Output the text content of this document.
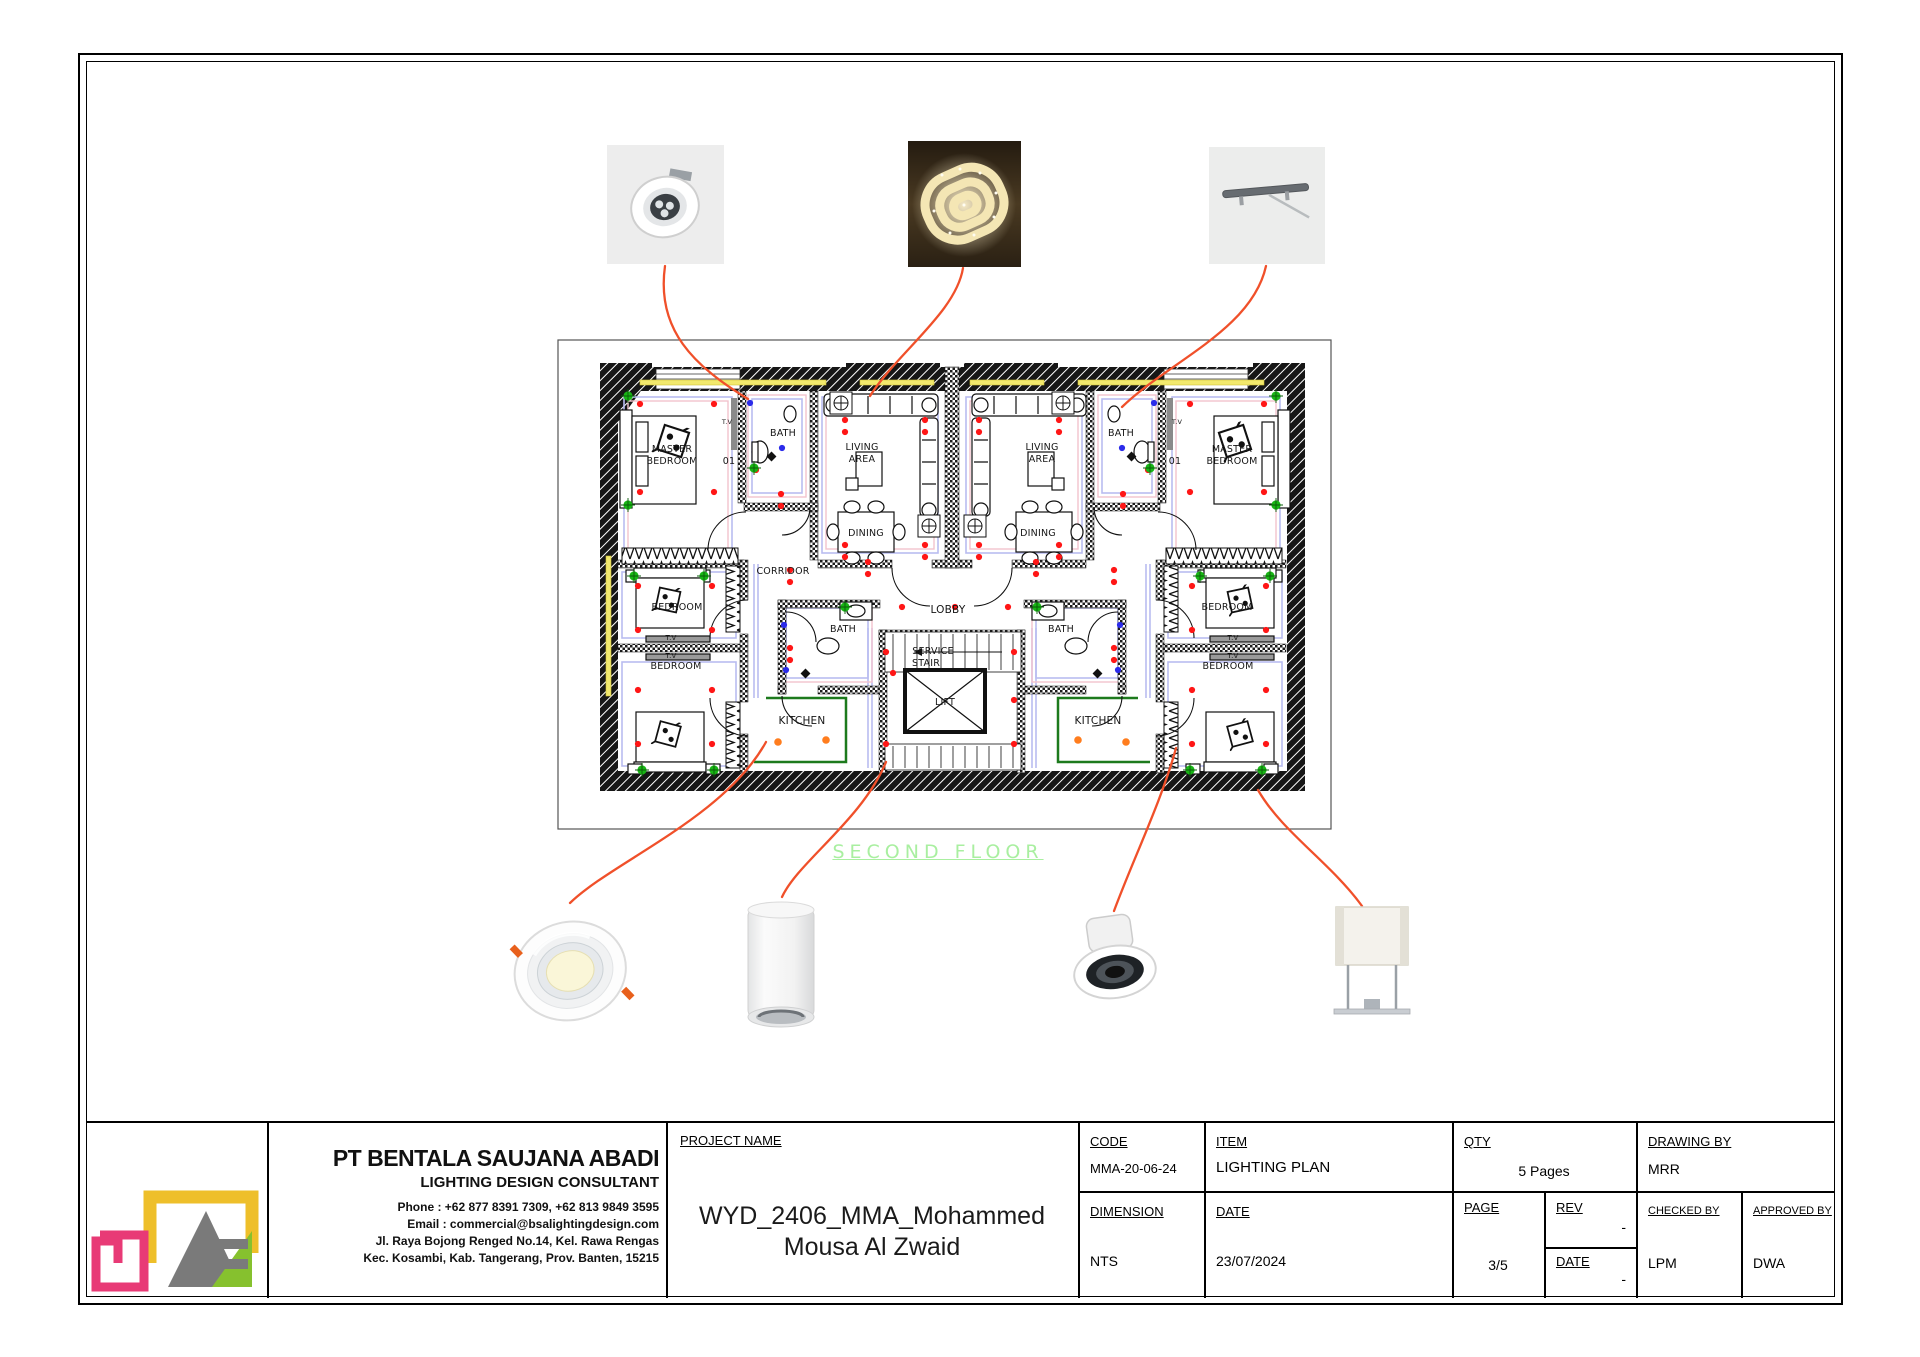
MASTER
BEDROOM	01
MASTER
BEDROOM
01
BATH	BATH
BATH	BATH
T.V	T.V
LIVING
AREA
LIVING
AREA
DINING	DINING
CORRIDOR
LOBBY
SERVICE
STAIR
LIFT
BEDROOM	BEDROOM
T.V
T.V
T.V
T.V
BEDROOM	BEDROOM
KITCHEN	KITCHEN
SECOND FLOOR
PT BENTALA SAUJANA ABADI
LIGHTING DESIGN CONSULTANT
Phone : +62 877 8391 7309, +62 813 9849 3595
Email : commercial@bsalightingdesign.com
Jl. Raya Bojong Renged No.14, Kel. Rawa Rengas
Kec. Kosambi, Kab. Tangerang, Prov. Banten, 15215
PROJECT NAME
WYD_2406_MMA_Mohammed
Mousa Al Zwaid
CODE
MMA-20-06-24
DIMENSION
NTS
ITEM
LIGHTING PLAN
DATE
23/07/2024
QTY
5 Pages
PAGE
3/5
REV
-
DATE
-
DRAWING BY
MRR
CHECKED BY
LPM
APPROVED BY
DWA
